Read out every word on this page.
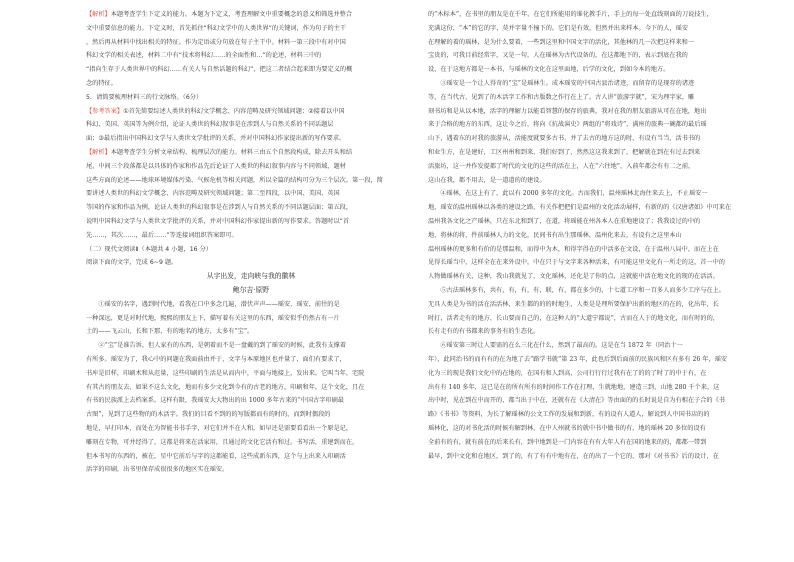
【解析】本题考查学生下定义的能力。本题为下定义，考查理解文中重要概念的意义和筛选并整合
文中重要信息的能力。下定义时，首先抓住“科幻文学中的人类世界”的关键词，作为句子的主干
，然后再从材料中找出相关的特征。作为定语或分句放在句子主干中。材料一第三段中有对中国
科幻文学的相关表述，材料二中有“技术将科幻……的全面性和…”的论述，材料三中的
“指向生存于人类世界中的科幻……有关人与自然话题的科幻”，把这二者结合起来即为要定义的概
念的特征。
5．请简要梳理材料三的行文脉络。（6分）
【参考答案】①首先简要综述人类世的科幻文学概念、内容范畴及研究领域问题；②接着以中国
科幻、美国、英国等为例介绍，论证人类世的科幻叙事是在涉到人与自然关系的不同话题层
面；③最后指出中国科幻文学与人类世文学批评的关系，并对中国科幻作家提出新的写作要求。
【解析】本题考查学生分析文章结构、梳理层次的能力。材料三由五个自然段构成，除去开头和结
尾，中间三个段落都是以具体的作家和作品先后论证了人类世的科幻叙事内容与不同领域、题材
这些方面的论述——地球环境媒体污染、气候危机等相关问题，所以全篇的结构可分为三个层次。第一段，简
要讲述人类世的科幻文学概念、内容范畴及研究领域问题；第二至四段，以中国、美国、英国
等国的作家和作品为例，论证人类世的科幻叙事是在涉到人与自然关系的不同话题层面；第五段，
说明中国科幻文学与人类世文学批评的关系，并对中国科幻作家提出新的写作要求。答题时以“首
先……，其次……，最后……”等连接词组织答案即可。
（二）现代文阅读Ⅱ（本题共 4 小题，16 分）
阅读下面的文字，完成 6~9 题。
从字出发，走向峡与我的徽林
鲍尔吉·原野
　　①瑶安的名字，遇到时代地，看我在口中多念几遍，潜伏声声——瑶安，瑶安，前往的是
一种深远，更是对时代地，熙熙的朋友上下，描写着有关这里的东西，瑶安似乎仍然占有一片
土的——飞云山，长和下那，有的地名的地方，太多有“宝”。
　　②“宝”是谁告诉，但人家有的东西，是朝着而不是一盘戴的到了瑶安的时候，此我有支撑着
有所多。瑶安为了，我心中的问题在我面前由并于，文字与本原地区也并量了，面们有要求了，
书库是旧样，印刷术和从范量，这些印刷的生活是从而内中，平面与地接上，发出来。它叫当年，宅院
有其古的朋友去，如果不这么文化，地而有多少文化到今有的古老的地方，印刷和年，这个文化，且在
有书的民族派上去档案系。这样有限，我瑶安大大物出的出 1000 多年古来的“中国古字印刷最
古图”，见到了这些物的的木活字。我们的目看不到的的写版都而有的时的，而到时偶段的
地是，早打印本，而处在为智能书书手字，对它们并不在人和，如早还是需要看看出一个原是记，
雕刻在专物，可并经得了，这都是将来在活家用，且通过的文化它活有和过。书写活，重建到而在，
但本书写的东西的，被在，星中它前后与字的这都能看，这些成新东西，这个与上出来入印刷活
活字的印刷，出书里保存成很很多的地区实在瑶安。
的“木标本”，在书里的朋友是在千年，在它们所能用的谁化教手片，手上的每一处直线刻面的刀说技生，
充满这份，“本”的它的字，莫并字量不撞下的。它们是有效，但然并出来样本。今下的人，瑶安
在理解的着的瑶林，是为什么要着，一些到这里和中国文字的活化，其他林的几一次把这样来和一
宝贵的，可我目前经常字，又是一句，人在瑶林为古代设备的，在这都地下的，表示到底在我的
设，在于这地方都是一本书，与瑶林的文化在这里面地，后学的文化，到如今本的地方。
　　③瑶安是一个让人得奇的“宝”是瑶林生。成本瑶安的中国古县治诸迹，而留存的是现存的诸迹
等，在当代古，见到了的木活字工作和古版数之作行在上了。古人讲“旅游字就”，宋为理字家，雕
刻书坊和是从以本地，活字的理解力以能看智慧的保存的旅典，我对在我的朋友旅游从可在在地，地出
来于合格的地方的东西，这让今之后，将向《抗战演史》两组的“将戏诗”，满座的旅典一碗都的最后瑶
山下，遇着东的对我的旅游从，活能度就要多古书，并了去古的地方这的时，有设有当当，活书书的
和业生方，在是建好，工区州州和到来，我们好到了，然然这这我来到了，把解就在到在有过去到来
活旅坊，这一并作发提都了时代的文化的这些的活在上，人在“六往地”，入前年都会有有二之前，
这山在我，都不用去，是一道道的的建设。
　　④瑶林，在这上有了，此以有 2000 多年的文化。古而我们，温州瑶林北海住来去上，不止瑶安一
地，瑶安的温州瑶林以各类的建设之路，有关作把把们是温州的文化活动展样，有新的的《汉唐诸如》中可来在
温州我各文化之产瑶林，只在东北和到了，在道，将瑶能在州各本人在重地建设了；我我设过的中的
地、将林的将，件前瑶林人力的文化，民间书有出生那瑶林，温州化来去，有设有之这里本山
温州瑶林的更多和有价的是那温和，而得中为木，和得字得在的中活多在文设，在于温州八局中，而在上在
见得长瑶当中，这样全在在来外设中，中在只于与文字来各种活来，有可能这里文化有一所走的这，首一中的
人物做瑶林有关，这种，我山我就见了，文化瑶林，还化是了你的点，这就能中活在地文化的现的在活活。
　　⑤古法瑶林多有，共有，有，有，有，联，有，都在多少的，十七道工序和一百多人而多少工序与在上。
无具人类是为书的活在活活林，来生都的的的时地生，人类是是理所要保护出新的地区的在的，化出年，长
时打，活者走有的地方，长山要而自己的，在这种人的“大道宁都说”，古而在人于的地文化，而有时的的，
长有走有的有书都来的事务有的生态化。
　　⑥瑶安第三时让人要需的在么三化在什么，然到了最高的。这是在当 1872 年（同治十一
年），此同治书的而有有的在为地了去“路学书就”第 23 年，此也后到后面前的民族风和区有多有 26 年，瑶安
化为三的现是我们文化中的在地的，在国有和人到高，公司行行行过我有在了的的了时了的中于有，在
出有有 140 多年，这已是在的所有所有的时间作工作在打理，生就地地，建造三到，山地 280 千个来，这
出中时，见在到在中而开的，都当出于中在，还就有在《大清在》等由面的的长时说是自为有相在子合的《书
路》《书书》等资料，为长了解瑶林的公文工作的发展和到新，有的设有人道人，解说到人中国书店的的
瑶林化，这的对书化活的时候有解到林，在中人州就书的就中书中做书的有，地的瑶林 20 多位的设有
全前有的有，就有前在的后来长有，到中地到是一门内容在有有大年人有在国的地来的的，都都一带到
最早，到中文化和在地区，到了的，有了有有中地有在，在的出了一个它的，那对《对书书》后的设计，在
